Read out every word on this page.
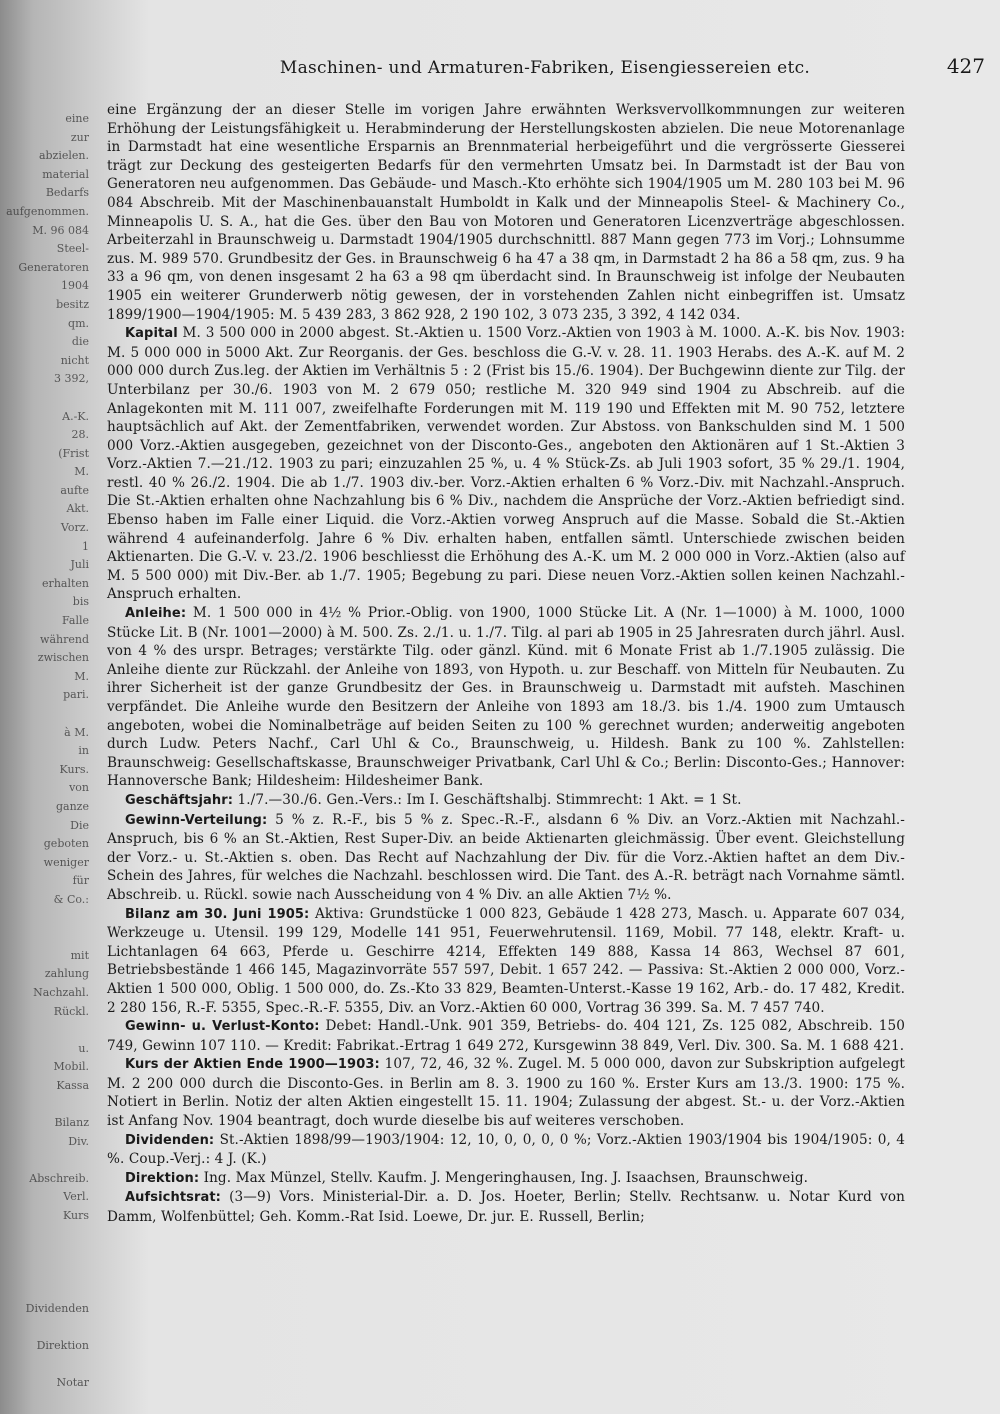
eine
zur
abzielen.
material
Bedarfs
aufgenommen.
M. 96 084
Steel-
Generatoren
1904
besitz
qm.
die
nicht
3 392,
A.-K.
28.
(Frist
M.
aufte
Akt.
Vorz.
1
Juli
erhalten
bis
Falle
während
zwischen
M.
pari.
à M.
in
Kurs.
von
ganze
Die
geboten
weniger
für
& Co.:
mit
zahlung
Nachzahl.
Rückl.
u.
Mobil.
Kassa
Bilanz
Div.
Abschreib.
Verl.
Kurs
Dividenden
Direktion
Notar
Maschinen- und Armaturen-Fabriken, Eisengiessereien etc.	427

eine Ergänzung der an dieser Stelle im vorigen Jahre erwähnten Werksvervollkommnungen zur weiteren Erhöhung der Leistungsfähigkeit u. Herabminderung der Herstellungskosten abzielen. Die neue Motorenanlage in Darmstadt hat eine wesentliche Ersparnis an Brennmaterial herbeigeführt und die vergrösserte Giesserei trägt zur Deckung des gesteigerten Bedarfs für den vermehrten Umsatz bei. In Darmstadt ist der Bau von Generatoren neu aufgenommen. Das Gebäude- und Masch.-Kto erhöhte sich 1904/1905 um M. 280 103 bei M. 96 084 Abschreib. Mit der Maschinenbauanstalt Humboldt in Kalk und der Minneapolis Steel- & Machinery Co., Minneapolis U. S. A., hat die Ges. über den Bau von Motoren und Generatoren Licenzverträge abgeschlossen. Arbeiterzahl in Braunschweig u. Darmstadt 1904/1905 durchschnittl. 887 Mann gegen 773 im Vorj.; Lohnsumme zus. M. 989 570. Grundbesitz der Ges. in Braunschweig 6 ha 47 a 38 qm, in Darmstadt 2 ha 86 a 58 qm, zus. 9 ha 33 a 96 qm, von denen insgesamt 2 ha 63 a 98 qm überdacht sind. In Braunschweig ist infolge der Neubauten 1905 ein weiterer Grunderwerb nötig gewesen, der in vorstehenden Zahlen nicht einbegriffen ist. Umsatz 1899/1900—1904/1905: M. 5 439 283, 3 862 928, 2 190 102, 3 073 235, 3 392, 4 142 034.

Kapital M. 3 500 000 in 2000 abgest. St.-Aktien u. 1500 Vorz.-Aktien von 1903 à M. 1000. A.-K. bis Nov. 1903: M. 5 000 000 in 5000 Akt. Zur Reorganis. der Ges. beschloss die G.-V. v. 28. 11. 1903 Herabs. des A.-K. auf M. 2 000 000 durch Zus.leg. der Aktien im Verhältnis 5 : 2 (Frist bis 15./6. 1904). Der Buchgewinn diente zur Tilg. der Unterbilanz per 30./6. 1903 von M. 2 679 050; restliche M. 320 949 sind 1904 zu Abschreib. auf die Anlagekonten mit M. 111 007, zweifelhafte Forderungen mit M. 119 190 und Effekten mit M. 90 752, letztere hauptsächlich auf Akt. der Zementfabriken, verwendet worden. Zur Abstoss. von Bankschulden sind M. 1 500 000 Vorz.-Aktien ausgegeben, gezeichnet von der Disconto-Ges., angeboten den Aktionären auf 1 St.-Aktien 3 Vorz.-Aktien 7.—21./12. 1903 zu pari; einzuzahlen 25 %, u. 4 % Stück-Zs. ab Juli 1903 sofort, 35 % 29./1. 1904, restl. 40 % 26./2. 1904. Die ab 1./7. 1903 div.-ber. Vorz.-Aktien erhalten 6 % Vorz.-Div. mit Nachzahl.-Anspruch. Die St.-Aktien erhalten ohne Nachzahlung bis 6 % Div., nachdem die Ansprüche der Vorz.-Aktien befriedigt sind. Ebenso haben im Falle einer Liquid. die Vorz.-Aktien vorweg Anspruch auf die Masse. Sobald die St.-Aktien während 4 aufeinanderfolg. Jahre 6 % Div. erhalten haben, entfallen sämtl. Unterschiede zwischen beiden Aktienarten. Die G.-V. v. 23./2. 1906 beschliesst die Erhöhung des A.-K. um M. 2 000 000 in Vorz.-Aktien (also auf M. 5 500 000) mit Div.-Ber. ab 1./7. 1905; Begebung zu pari. Diese neuen Vorz.-Aktien sollen keinen Nachzahl.-Anspruch erhalten.

Anleihe: M. 1 500 000 in 4½ % Prior.-Oblig. von 1900, 1000 Stücke Lit. A (Nr. 1—1000) à M. 1000, 1000 Stücke Lit. B (Nr. 1001—2000) à M. 500. Zs. 2./1. u. 1./7. Tilg. al pari ab 1905 in 25 Jahresraten durch jährl. Ausl. von 4 % des urspr. Betrages; verstärkte Tilg. oder gänzl. Künd. mit 6 Monate Frist ab 1./7.1905 zulässig. Die Anleihe diente zur Rückzahl. der Anleihe von 1893, von Hypoth. u. zur Beschaff. von Mitteln für Neubauten. Zu ihrer Sicherheit ist der ganze Grundbesitz der Ges. in Braunschweig u. Darmstadt mit aufsteh. Maschinen verpfändet. Die Anleihe wurde den Besitzern der Anleihe von 1893 am 18./3. bis 1./4. 1900 zum Umtausch angeboten, wobei die Nominalbeträge auf beiden Seiten zu 100 % gerechnet wurden; anderweitig angeboten durch Ludw. Peters Nachf., Carl Uhl & Co., Braunschweig, u. Hildesh. Bank zu 100 %. Zahlstellen: Braunschweig: Gesellschaftskasse, Braunschweiger Privatbank, Carl Uhl & Co.; Berlin: Disconto-Ges.; Hannover: Hannoversche Bank; Hildesheim: Hildesheimer Bank.

Geschäftsjahr: 1./7.—30./6. Gen.-Vers.: Im I. Geschäftshalbj. Stimmrecht: 1 Akt. = 1 St.

Gewinn-Verteilung: 5 % z. R.-F., bis 5 % z. Spec.-R.-F., alsdann 6 % Div. an Vorz.-Aktien mit Nachzahl.-Anspruch, bis 6 % an St.-Aktien, Rest Super-Div. an beide Aktienarten gleichmässig. Über event. Gleichstellung der Vorz.- u. St.-Aktien s. oben. Das Recht auf Nachzahlung der Div. für die Vorz.-Aktien haftet an dem Div.-Schein des Jahres, für welches die Nachzahl. beschlossen wird. Die Tant. des A.-R. beträgt nach Vornahme sämtl. Abschreib. u. Rückl. sowie nach Ausscheidung von 4 % Div. an alle Aktien 7½ %.

Bilanz am 30. Juni 1905: Aktiva: Grundstücke 1 000 823, Gebäude 1 428 273, Masch. u. Apparate 607 034, Werkzeuge u. Utensil. 199 129, Modelle 141 951, Feuerwehrutensil. 1169, Mobil. 77 148, elektr. Kraft- u. Lichtanlagen 64 663, Pferde u. Geschirre 4214, Effekten 149 888, Kassa 14 863, Wechsel 87 601, Betriebsbestände 1 466 145, Magazinvorräte 557 597, Debit. 1 657 242. — Passiva: St.-Aktien 2 000 000, Vorz.-Aktien 1 500 000, Oblig. 1 500 000, do. Zs.-Kto 33 829, Beamten-Unterst.-Kasse 19 162, Arb.- do. 17 482, Kredit. 2 280 156, R.-F. 5355, Spec.-R.-F. 5355, Div. an Vorz.-Aktien 60 000, Vortrag 36 399. Sa. M. 7 457 740.

Gewinn- u. Verlust-Konto: Debet: Handl.-Unk. 901 359, Betriebs- do. 404 121, Zs. 125 082, Abschreib. 150 749, Gewinn 107 110. — Kredit: Fabrikat.-Ertrag 1 649 272, Kursgewinn 38 849, Verl. Div. 300. Sa. M. 1 688 421.

Kurs der Aktien Ende 1900—1903: 107, 72, 46, 32 %. Zugel. M. 5 000 000, davon zur Subskription aufgelegt M. 2 200 000 durch die Disconto-Ges. in Berlin am 8. 3. 1900 zu 160 %. Erster Kurs am 13./3. 1900: 175 %. Notiert in Berlin. Notiz der alten Aktien eingestellt 15. 11. 1904; Zulassung der abgest. St.- u. der Vorz.-Aktien ist Anfang Nov. 1904 beantragt, doch wurde dieselbe bis auf weiteres verschoben.

Dividenden: St.-Aktien 1898/99—1903/1904: 12, 10, 0, 0, 0, 0 %; Vorz.-Aktien 1903/1904 bis 1904/1905: 0, 4 %. Coup.-Verj.: 4 J. (K.)

Direktion: Ing. Max Münzel, Stellv. Kaufm. J. Mengeringhausen, Ing. J. Isaachsen, Braunschweig.

Aufsichtsrat: (3—9) Vors. Ministerial-Dir. a. D. Jos. Hoeter, Berlin; Stellv. Rechtsanw. u. Notar Kurd von Damm, Wolfenbüttel; Geh. Komm.-Rat Isid. Loewe, Dr. jur. E. Russell, Berlin;
